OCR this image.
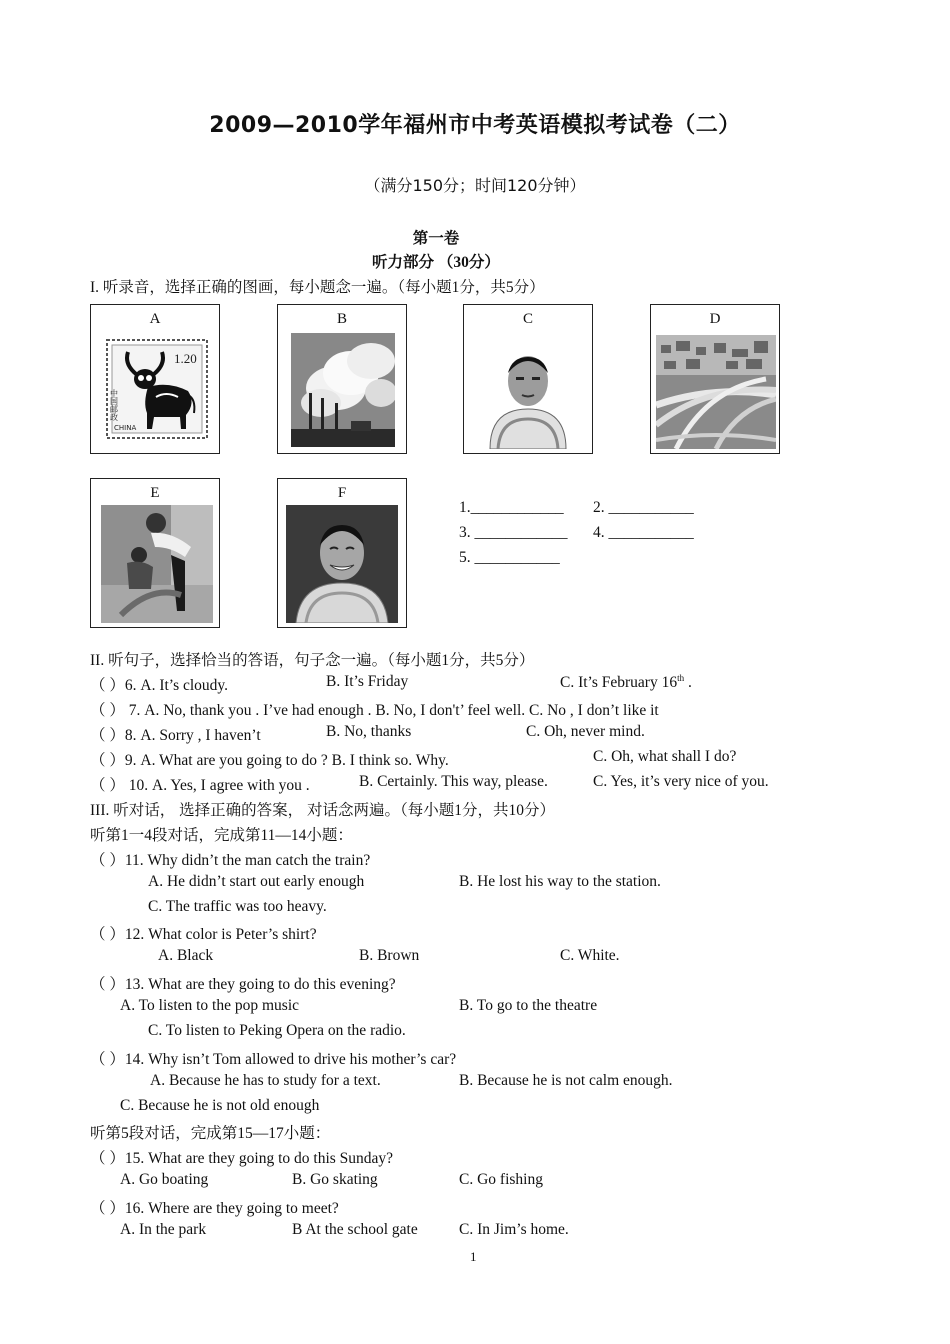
2009—2010学年福州市中考英语模拟考试卷（二）
（满分150分；时间120分钟）
第一卷
听力部分 （30分）
I. 听录音，选择正确的图画，每小题念一遍。（每小题1分，共5分）
A
1.20
中国邮政
CHINA
B	C	D
E	F
1.____________ 2. ___________
3. ____________ 4. ___________
5. ___________
II. 听句子，选择恰当的答语，句子念一遍。（每小题1分，共5分）
（ ）6. A. It’s cloudy.	B. It’s Friday	C. It’s February 16th .
（ ） 7. A. No, thank you . I’ve had enough . B. No, I don't’ feel well. C. No , I don’t like it
（ ）8. A. Sorry , I haven’t	B. No, thanks	C. Oh, never mind.
（ ）9. A. What are you going to do ? B. I think so. Why.	C. Oh, what shall I do?
（ ） 10. A. Yes, I agree with you .	B. Certainly. This way, please.	C. Yes, it’s very nice of you.
III. 听对话， 选择正确的答案， 对话念两遍。（每小题1分，共10分）
听第1一4段对话，完成第11—14小题：
（ ）11. Why didn’t the man catch the train?
A. He didn’t start out early enough	B. He lost his way to the station.
C. The traffic was too heavy.
（ ）12. What color is Peter’s shirt?
A. Black	B. Brown	C. White.
（ ）13. What are they going to do this evening?
A. To listen to the pop music	B. To go to the theatre
C. To listen to Peking Opera on the radio.
（ ）14. Why isn’t Tom allowed to drive his mother’s car?
A. Because he has to study for a text.	B. Because he is not calm enough.
C. Because he is not old enough
听第5段对话，完成第15—17小题：
（ ）15. What are they going to do this Sunday?
A. Go boating	B. Go skating	C. Go fishing
（ ）16. Where are they going to meet?
A. In the park	B At the school gate	C. In Jim’s home.
1
